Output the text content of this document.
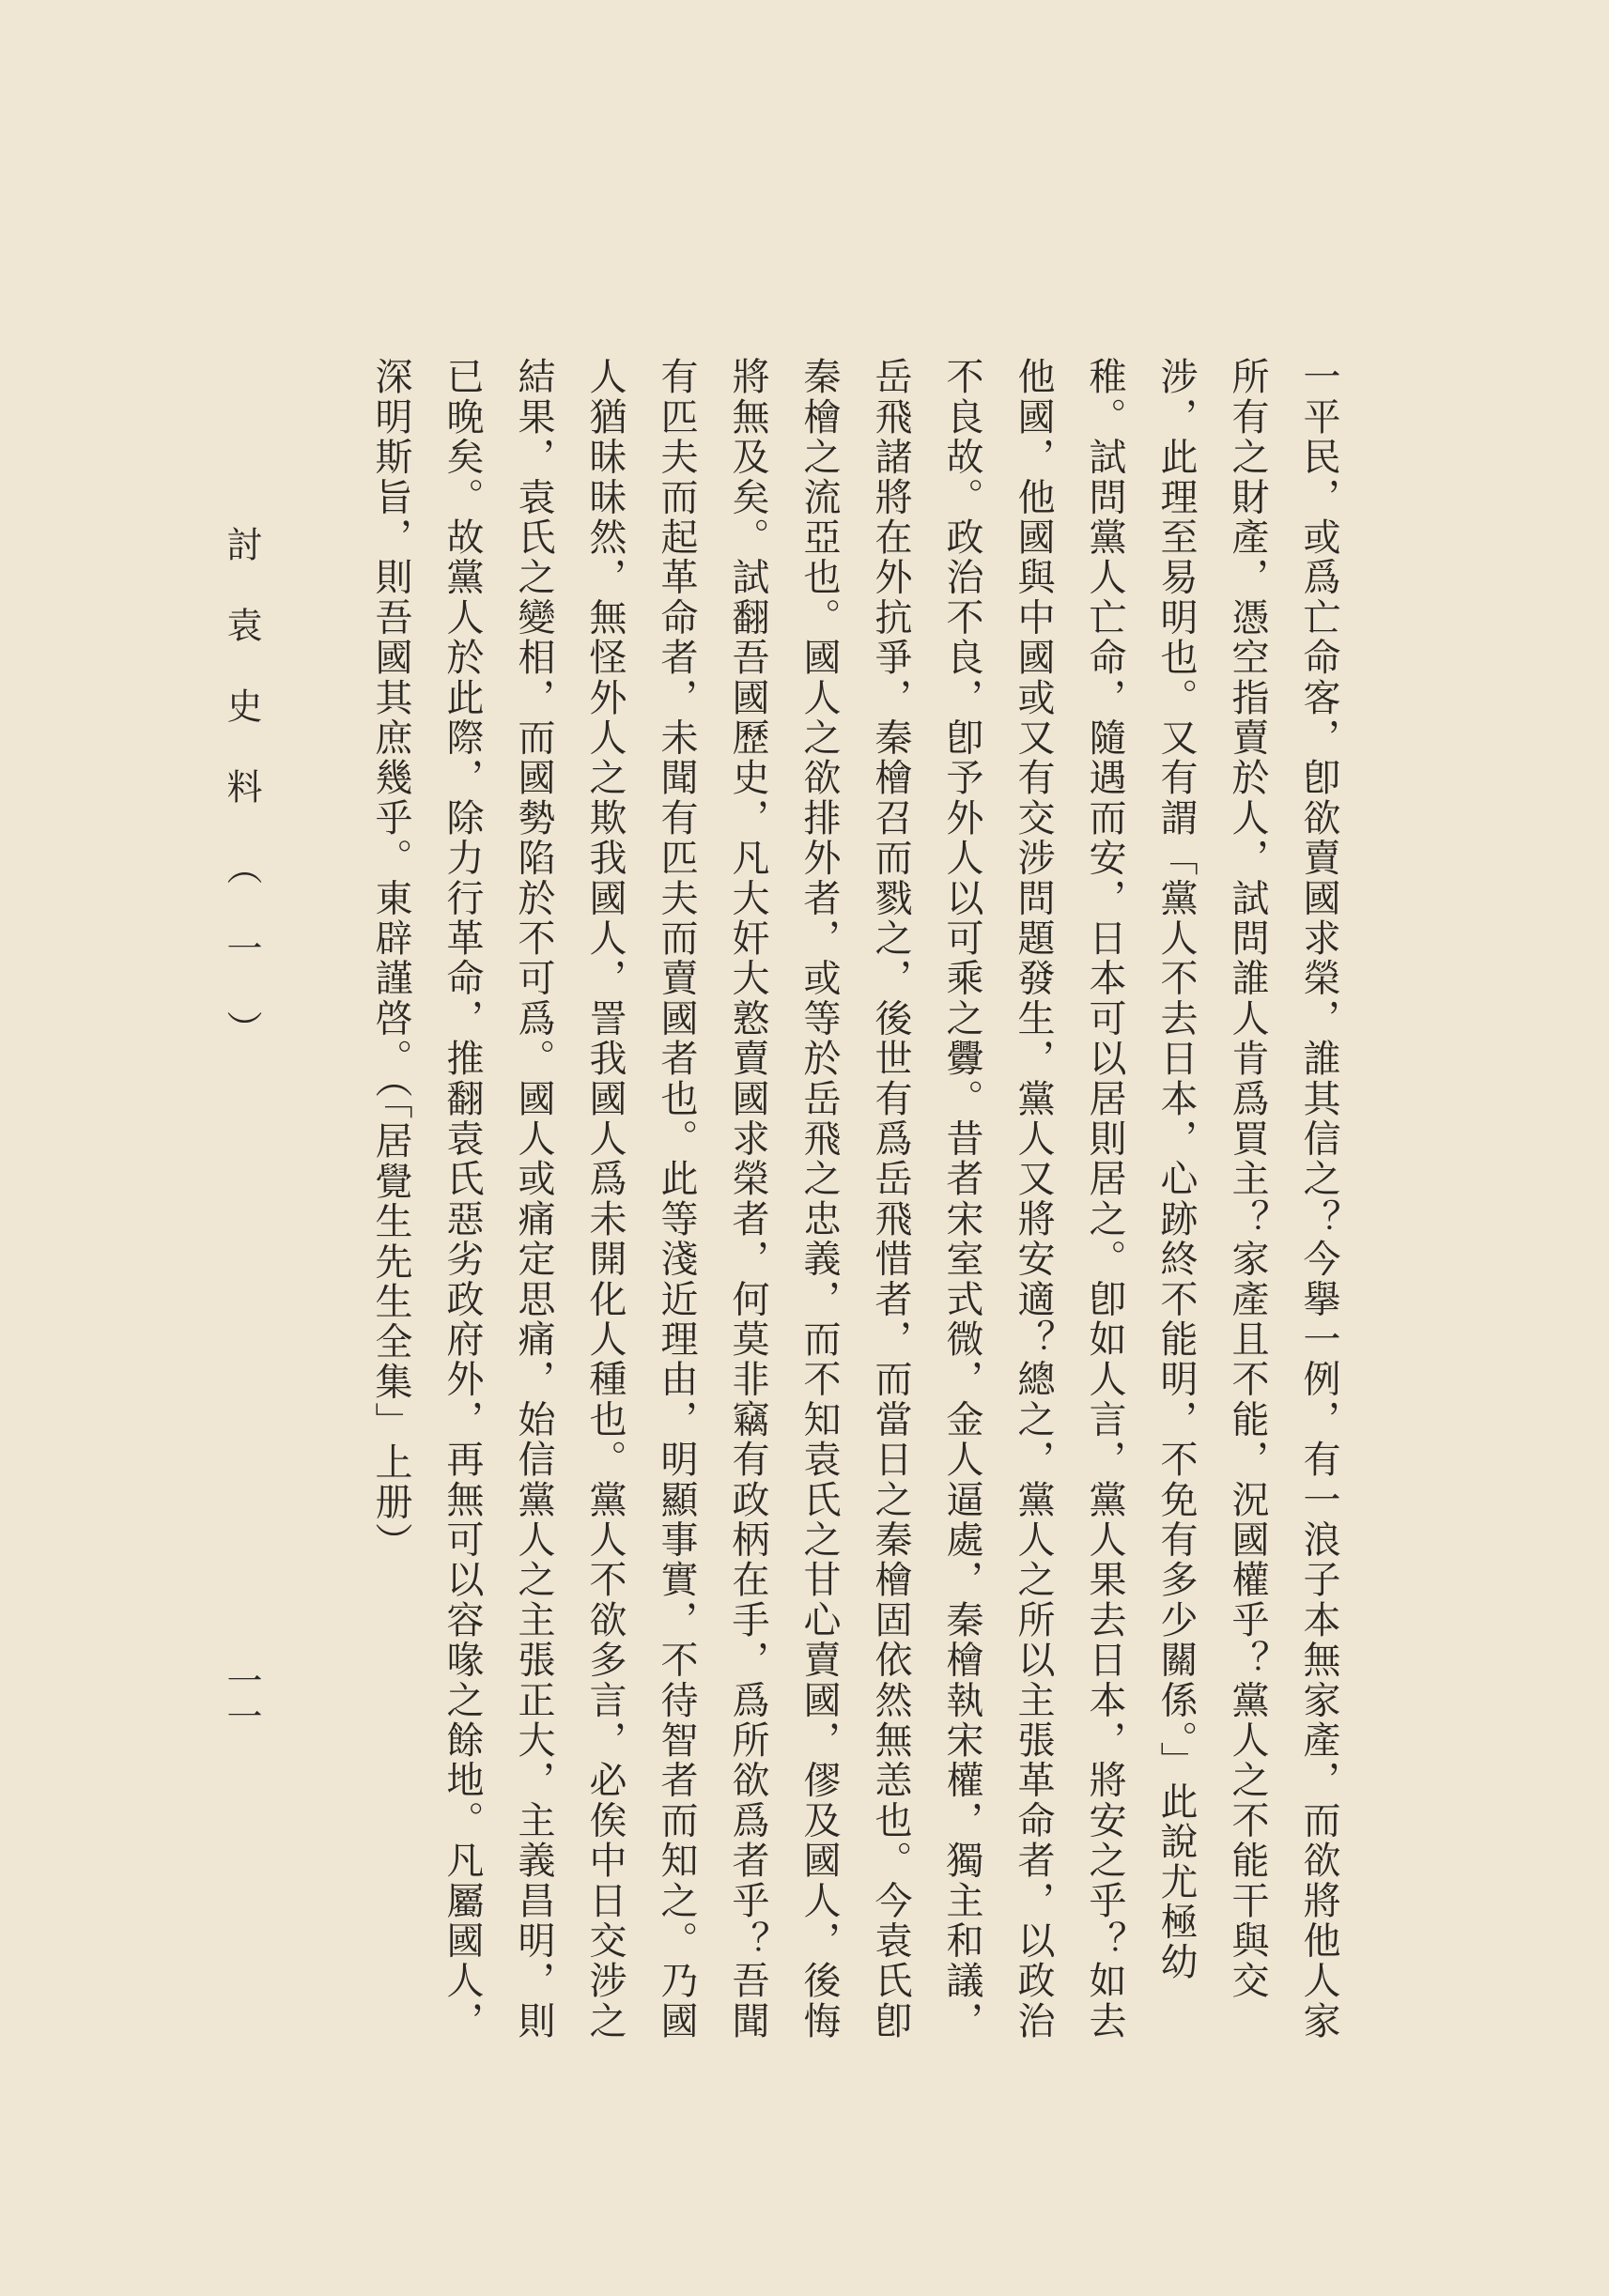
一平民，或爲亡命客，卽欲賣國求榮，誰其信之？今擧一例，有一浪子本無家產，而欲將他人家
所有之財產，憑空指賣於人，試問誰人肯爲買主？家產且不能，況國權乎？黨人之不能干與交
涉，此理至易明也。又有謂「黨人不去日本，心跡終不能明，不免有多少關係。」此說尤極幼
稚。試問黨人亡命，隨遇而安，日本可以居則居之。卽如人言，黨人果去日本，將安之乎？如去
他國，他國與中國或又有交涉問題發生，黨人又將安適？總之，黨人之所以主張革命者，以政治
不良故。政治不良，卽予外人以可乘之釁。昔者宋室式微，金人逼處，秦檜執宋權，獨主和議，
岳飛諸將在外抗爭，秦檜召而戮之，後世有爲岳飛惜者，而當日之秦檜固依然無恙也。今袁氏卽
秦檜之流亞也。國人之欲排外者，或等於岳飛之忠義，而不知袁氏之甘心賣國，僇及國人，後悔
將無及矣。試翻吾國歷史，凡大奸大憝賣國求榮者，何莫非竊有政柄在手，爲所欲爲者乎？吾聞
有匹夫而起革命者，未聞有匹夫而賣國者也。此等淺近理由，明顯事實，不待智者而知之。乃國
人猶昧昧然，無怪外人之欺我國人，詈我國人爲未開化人種也。黨人不欲多言，必俟中日交涉之
結果，袁氏之變相，而國勢陷於不可爲。國人或痛定思痛，始信黨人之主張正大，主義昌明，則
已晚矣。故黨人於此際，除力行革命，推翻袁氏惡劣政府外，再無可以容喙之餘地。凡屬國人，
深明斯旨，則吾國其庶幾乎。東辟謹啓。（「居覺生先生全集」上册）
討袁史料（一）
一一
